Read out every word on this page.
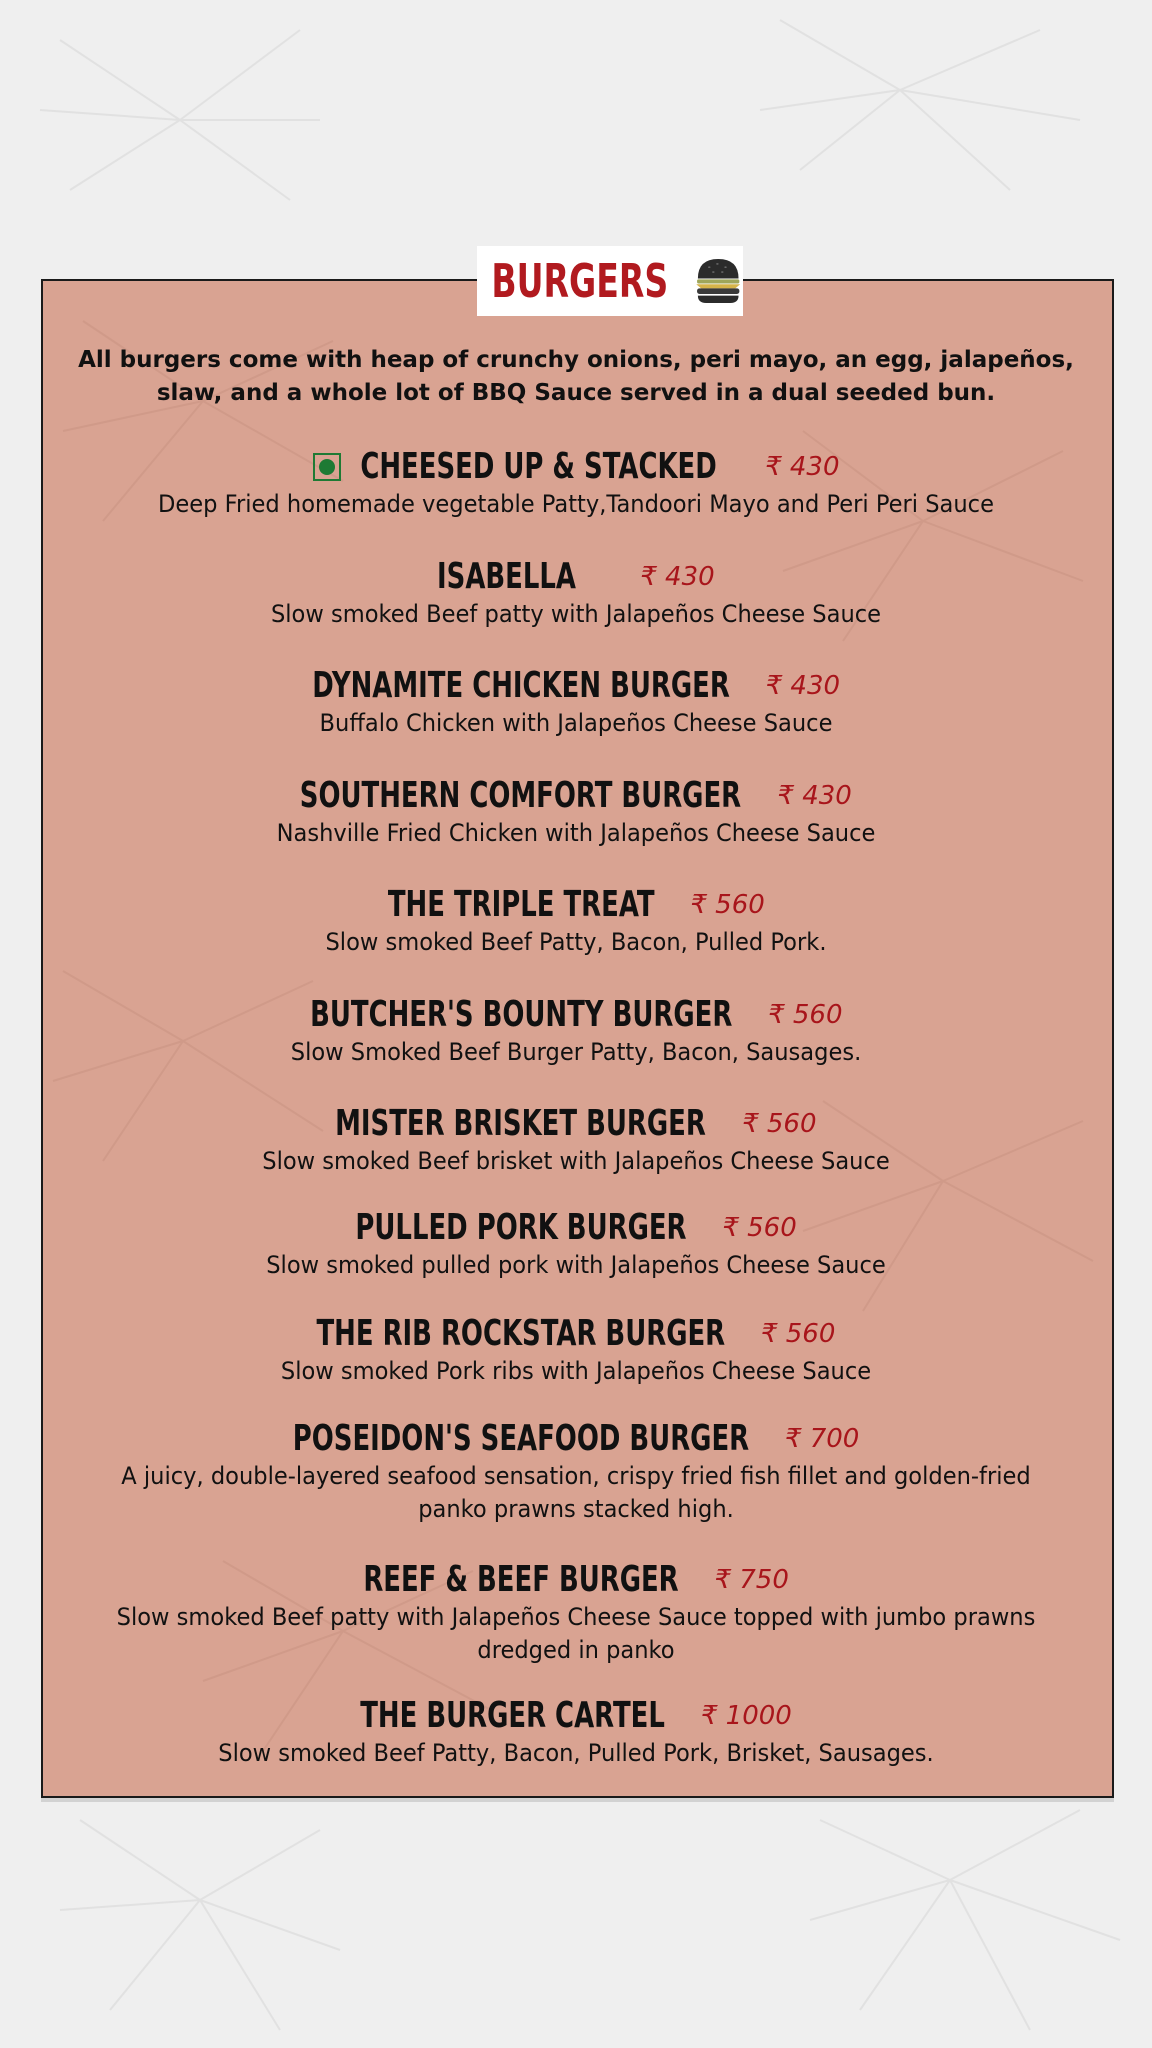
BURGERS
All burgers come with heap of crunchy onions, peri mayo, an egg, jalapeños, slaw, and a whole lot of BBQ Sauce served in a dual seeded bun.
CHEESED UP & STACKED ₹ 430
Deep Fried homemade vegetable Patty,Tandoori Mayo and Peri Peri Sauce
ISABELLA ₹ 430
Slow smoked Beef patty with Jalapeños Cheese Sauce
DYNAMITE CHICKEN BURGER ₹ 430
Buffalo Chicken with Jalapeños Cheese Sauce
SOUTHERN COMFORT BURGER ₹ 430
Nashville Fried Chicken with Jalapeños Cheese Sauce
THE TRIPLE TREAT ₹ 560
Slow smoked Beef Patty, Bacon, Pulled Pork.
BUTCHER'S BOUNTY BURGER ₹ 560
Slow Smoked Beef Burger Patty, Bacon, Sausages.
MISTER BRISKET BURGER ₹ 560
Slow smoked Beef brisket with Jalapeños Cheese Sauce
PULLED PORK BURGER ₹ 560
Slow smoked pulled pork with Jalapeños Cheese Sauce
THE RIB ROCKSTAR BURGER ₹ 560
Slow smoked Pork ribs with Jalapeños Cheese Sauce
POSEIDON'S SEAFOOD BURGER ₹ 700
A juicy, double-layered seafood sensation, crispy fried fish fillet and golden-fried panko prawns stacked high.
REEF & BEEF BURGER ₹ 750
Slow smoked Beef patty with Jalapeños Cheese Sauce topped with jumbo prawns dredged in panko
THE BURGER CARTEL ₹ 1000
Slow smoked Beef Patty, Bacon, Pulled Pork, Brisket, Sausages.
